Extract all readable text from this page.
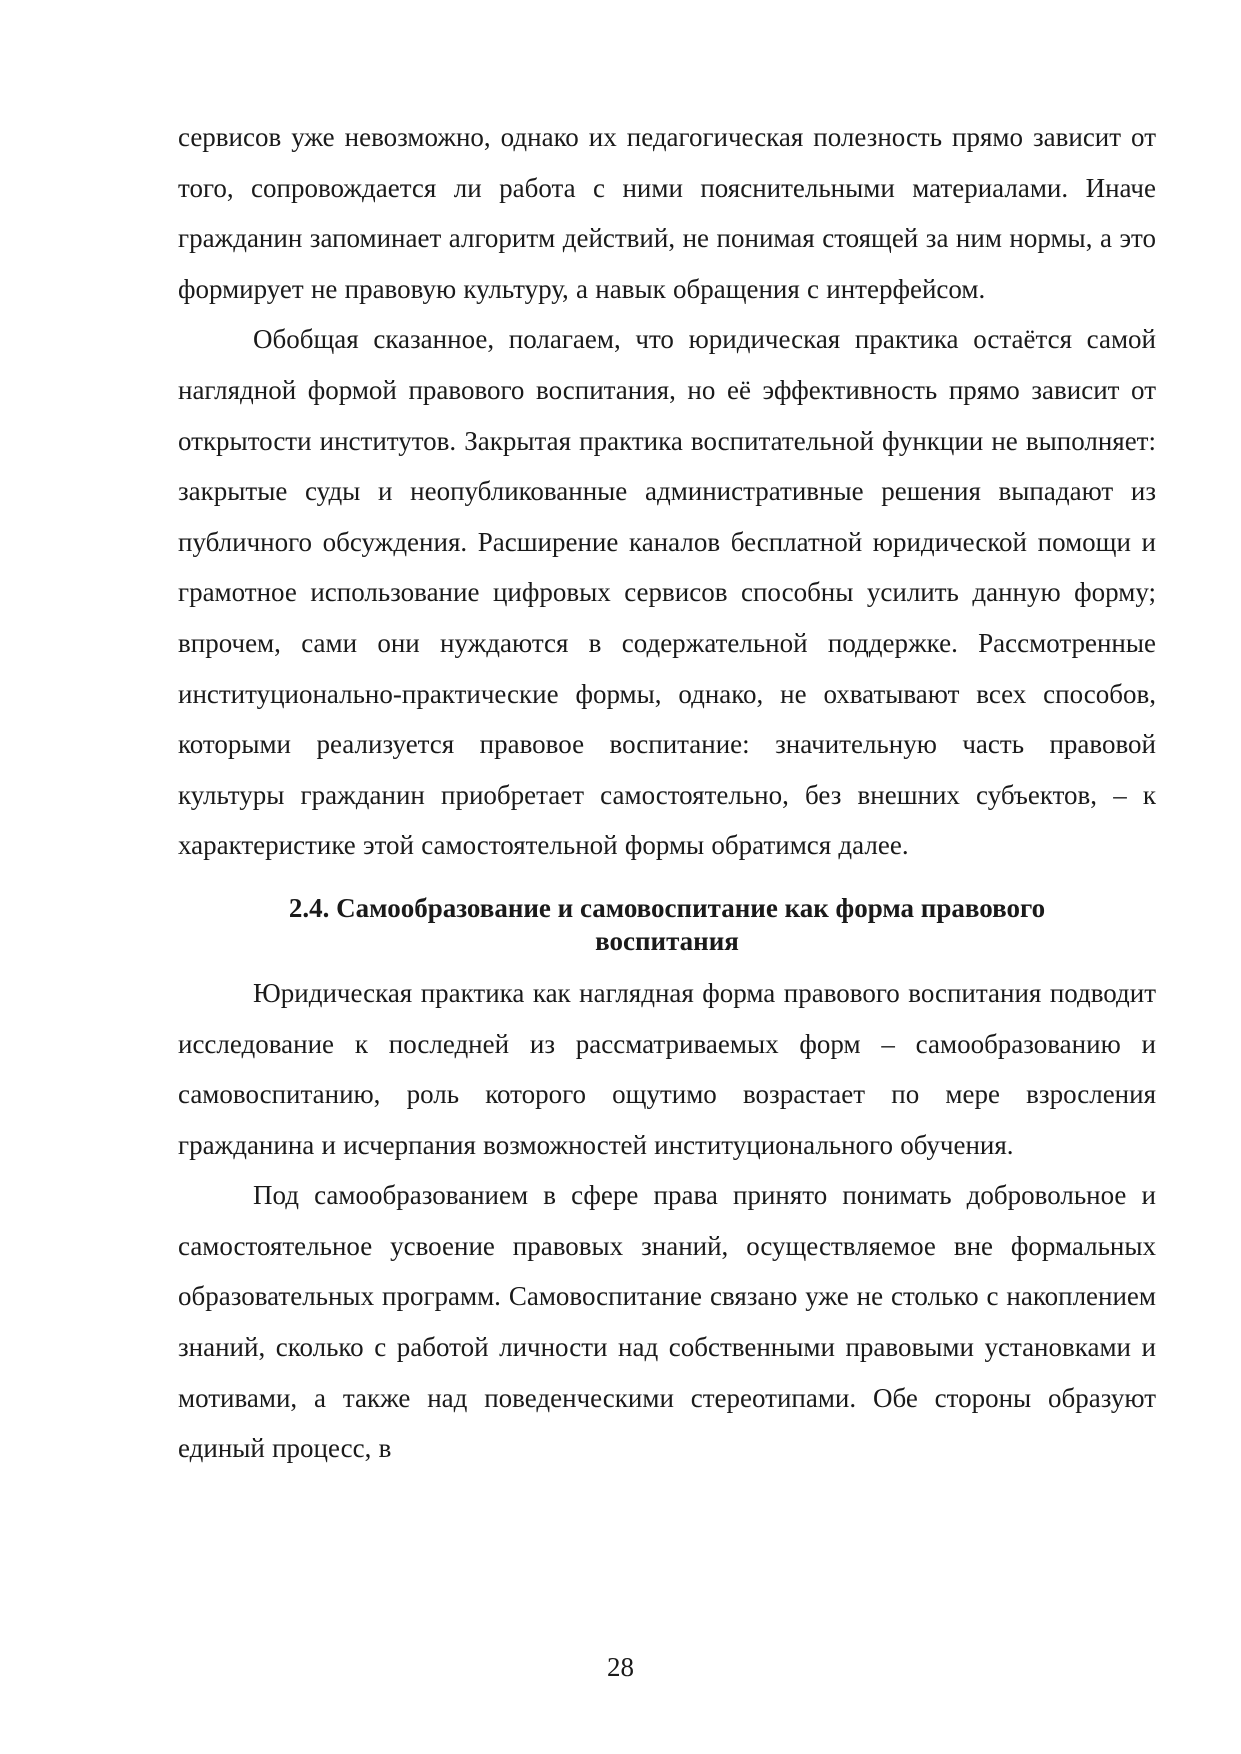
сервисов уже невозможно, однако их педагогическая полезность прямо зависит от того, сопровождается ли работа с ними пояснительными материалами. Иначе гражданин запоминает алгоритм действий, не понимая стоящей за ним нормы, а это формирует не правовую культуру, а навык обращения с интерфейсом.

Обобщая сказанное, полагаем, что юридическая практика остаётся самой наглядной формой правового воспитания, но её эффективность прямо зависит от открытости институтов. Закрытая практика воспитательной функции не выполняет: закрытые суды и неопубликованные административные решения выпадают из публичного обсуждения. Расширение каналов бесплатной юридической помощи и грамотное использование цифровых сервисов способны усилить данную форму; впрочем, сами они нуждаются в содержательной поддержке. Рассмотренные институционально-практические формы, однако, не охватывают всех способов, которыми реализуется правовое воспитание: значительную часть правовой культуры гражданин приобретает самостоятельно, без внешних субъектов, – к характеристике этой самостоятельной формы обратимся далее.

2.4. Самообразование и самовоспитание как форма правового воспитания

Юридическая практика как наглядная форма правового воспитания подводит исследование к последней из рассматриваемых форм – самообразованию и самовоспитанию, роль которого ощутимо возрастает по мере взросления гражданина и исчерпания возможностей институционального обучения.

Под самообразованием в сфере права принято понимать добровольное и самостоятельное усвоение правовых знаний, осуществляемое вне формальных образовательных программ. Самовоспитание связано уже не столько с накоплением знаний, сколько с работой личности над собственными правовыми установками и мотивами, а также над поведенческими стереотипами. Обе стороны образуют единый процесс, в

28
